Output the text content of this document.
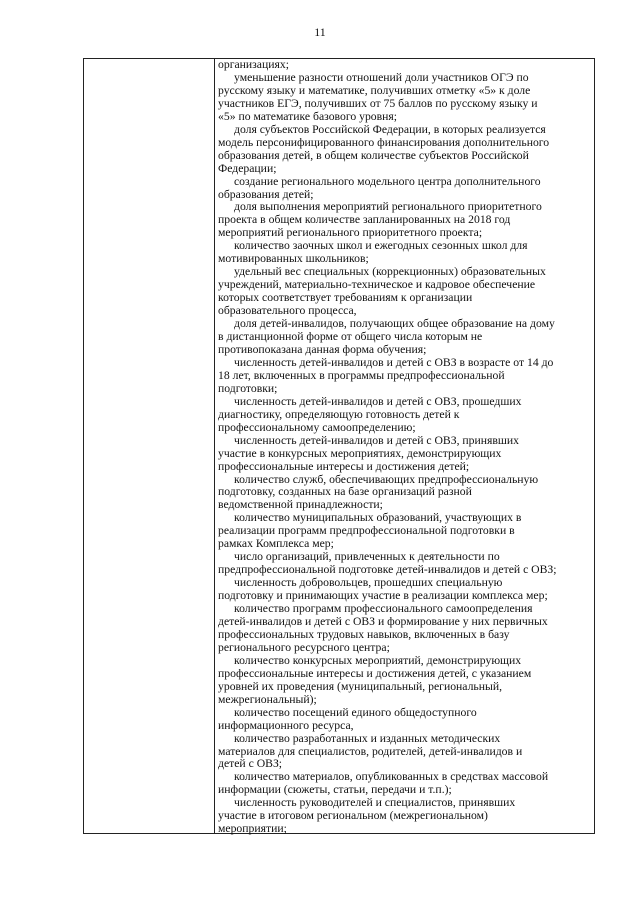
11
организациях;
уменьшение разности отношений доли участников ОГЭ по
русскому языку и математике, получивших отметку «5» к доле
участников ЕГЭ, получивших от 75 баллов по русскому языку и
«5» по математике базового уровня;
доля субъектов Российской Федерации, в которых реализуется
модель персонифицированного финансирования дополнительного
образования детей, в общем количестве субъектов Российской
Федерации;
создание регионального модельного центра дополнительного
образования детей;
доля выполнения мероприятий регионального приоритетного
проекта в общем количестве запланированных на 2018 год
мероприятий регионального приоритетного проекта;
количество заочных школ и ежегодных сезонных школ для
мотивированных школьников;
удельный вес специальных (коррекционных) образовательных
учреждений, материально-техническое и кадровое обеспечение
которых соответствует требованиям к организации
образовательного процесса,
доля детей-инвалидов, получающих общее образование на дому
в дистанционной форме от общего числа которым не
противопоказана данная форма обучения;
численность детей-инвалидов и детей с ОВЗ в возрасте от 14 до
18 лет, включенных в программы предпрофессиональной
подготовки;
численность детей-инвалидов и детей с ОВЗ, прошедших
диагностику, определяющую готовность детей к
профессиональному самоопределению;
численность детей-инвалидов и детей с ОВЗ, принявших
участие в конкурсных мероприятиях, демонстрирующих
профессиональные интересы и достижения детей;
количество служб, обеспечивающих предпрофессиональную
подготовку, созданных на базе организаций разной
ведомственной принадлежности;
количество муниципальных образований, участвующих в
реализации программ предпрофессиональной подготовки в
рамках Комплекса мер;
число организаций, привлеченных к деятельности по
предпрофессиональной подготовке детей-инвалидов и детей с ОВЗ;
численность добровольцев, прошедших специальную
подготовку и принимающих участие в реализации комплекса мер;
количество программ профессионального самоопределения
детей-инвалидов и детей с ОВЗ и формирование у них первичных
профессиональных трудовых навыков, включенных в базу
регионального ресурсного центра;
количество конкурсных мероприятий, демонстрирующих
профессиональные интересы и достижения детей, с указанием
уровней их проведения (муниципальный, региональный,
межрегиональный);
количество посещений единого общедоступного
информационного ресурса,
количество разработанных и изданных методических
материалов для специалистов, родителей, детей-инвалидов и
детей с ОВЗ;
количество материалов, опубликованных в средствах массовой
информации (сюжеты, статьи, передачи и т.п.);
численность руководителей и специалистов, принявших
участие в итоговом региональном (межрегиональном)
мероприятии;
